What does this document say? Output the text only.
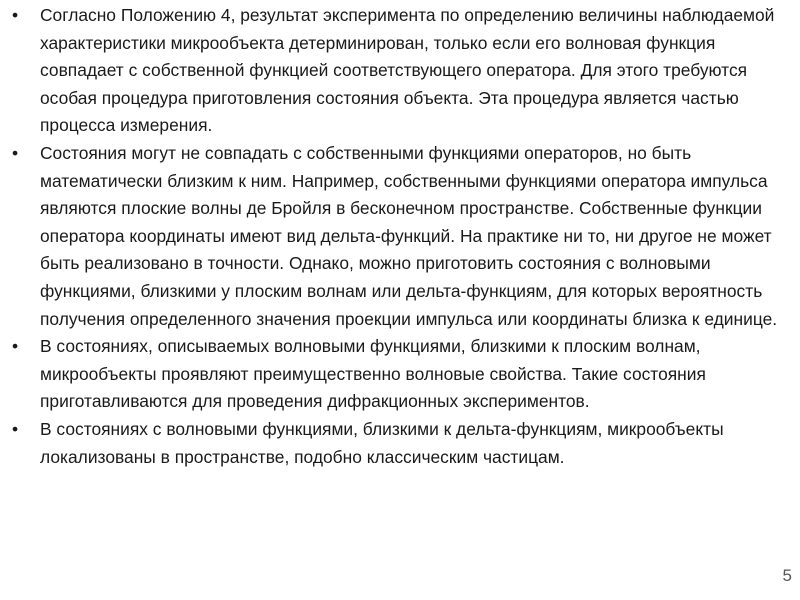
• Согласно Положению 4, результат эксперимента по определению величины наблюдаемой характеристики микрообъекта детерминирован, только если его волновая функция совпадает с собственной функцией соответствующего оператора. Для этого требуются особая процедура приготовления состояния объекта. Эта процедура является частью процесса измерения.
• Состояния могут не совпадать с собственными функциями операторов, но быть математически близким к ним. Например, собственными функциями оператора импульса являются плоские волны де Бройля в бесконечном пространстве. Собственные функции оператора координаты имеют вид дельта-функций. На практике ни то, ни другое не может быть реализовано в точности. Однако, можно приготовить состояния с волновыми функциями, близкими у плоским волнам или дельта-функциям, для которых вероятность получения определенного значения проекции импульса или координаты близка к единице.
• В состояниях, описываемых волновыми функциями, близкими к плоским волнам, микрообъекты проявляют преимущественно волновые свойства. Такие состояния приготавливаются для проведения дифракционных экспериментов.
• В состояниях с волновыми функциями, близкими к дельта-функциям, микрообъекты локализованы в пространстве, подобно классическим частицам.
5
